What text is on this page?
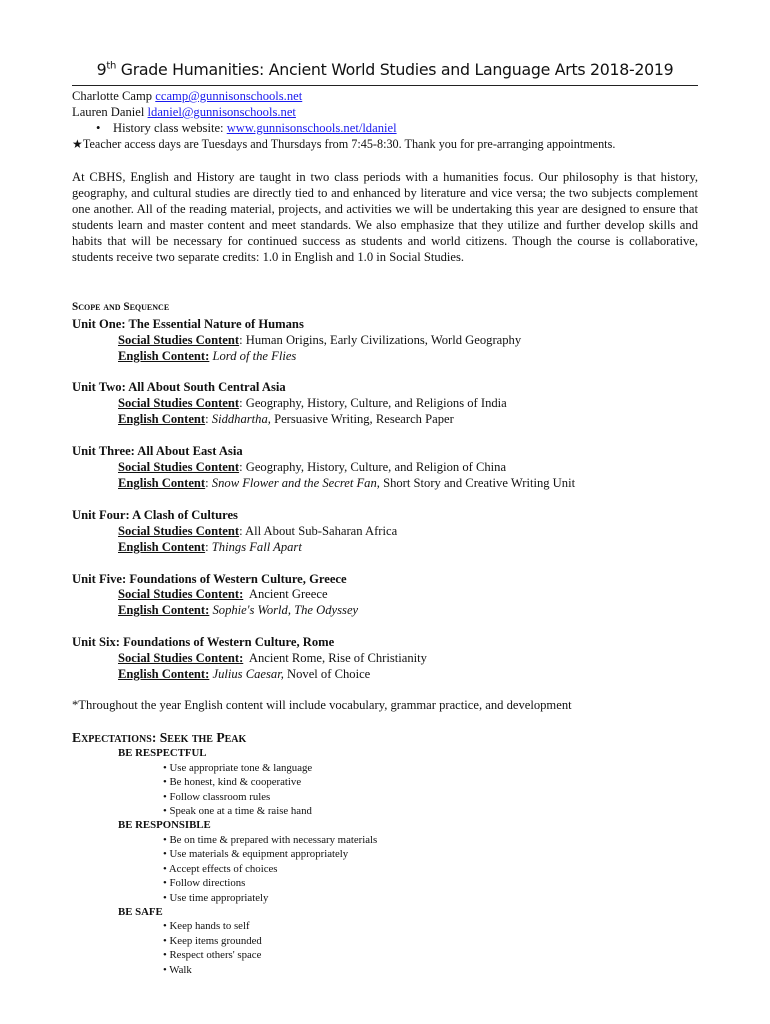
9th Grade Humanities: Ancient World Studies and Language Arts 2018-2019
Charlotte Camp ccamp@gunnisonschools.net
Lauren Daniel ldaniel@gunnisonschools.net
• History class website: www.gunnisonschools.net/ldaniel
★Teacher access days are Tuesdays and Thursdays from 7:45-8:30. Thank you for pre-arranging appointments.
At CBHS, English and History are taught in two class periods with a humanities focus. Our philosophy is that history, geography, and cultural studies are directly tied to and enhanced by literature and vice versa; the two subjects complement one another. All of the reading material, projects, and activities we will be undertaking this year are designed to ensure that students learn and master content and meet standards. We also emphasize that they utilize and further develop skills and habits that will be necessary for continued success as students and world citizens. Though the course is collaborative, students receive two separate credits: 1.0 in English and 1.0 in Social Studies.
Scope and Sequence
Unit One: The Essential Nature of Humans
Social Studies Content: Human Origins, Early Civilizations, World Geography
English Content: Lord of the Flies
Unit Two: All About South Central Asia
Social Studies Content: Geography, History, Culture, and Religions of India
English Content: Siddhartha, Persuasive Writing, Research Paper
Unit Three: All About East Asia
Social Studies Content: Geography, History, Culture, and Religion of China
English Content: Snow Flower and the Secret Fan, Short Story and Creative Writing Unit
Unit Four: A Clash of Cultures
Social Studies Content: All About Sub-Saharan Africa
English Content: Things Fall Apart
Unit Five: Foundations of Western Culture, Greece
Social Studies Content: Ancient Greece
English Content: Sophie's World, The Odyssey
Unit Six: Foundations of Western Culture, Rome
Social Studies Content: Ancient Rome, Rise of Christianity
English Content: Julius Caesar, Novel of Choice
*Throughout the year English content will include vocabulary, grammar practice, and development
Expectations: Seek the Peak
BE RESPECTFUL
• Use appropriate tone & language
• Be honest, kind & cooperative
• Follow classroom rules
• Speak one at a time & raise hand
BE RESPONSIBLE
• Be on time & prepared with necessary materials
• Use materials & equipment appropriately
• Accept effects of choices
• Follow directions
• Use time appropriately
BE SAFE
• Keep hands to self
• Keep items grounded
• Respect others' space
• Walk
